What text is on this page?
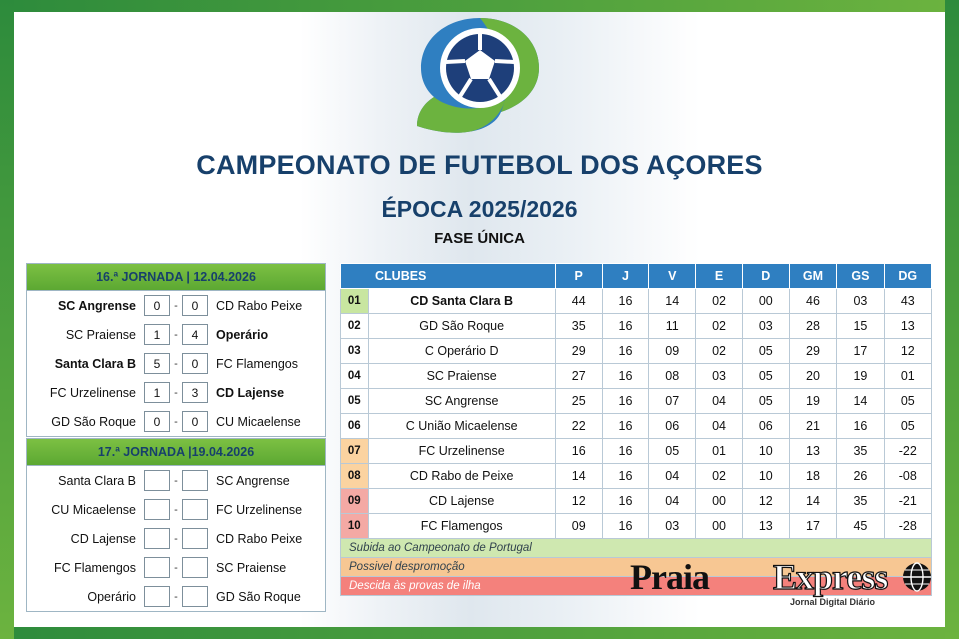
CAMPEONATO DE FUTEBOL DOS AÇORES
ÉPOCA 2025/2026
FASE ÚNICA
16.ª JORNADA | 12.04.2026
SC Angrense	0	-	0	CD Rabo Peixe
SC Praiense	1	-	4	Operário
Santa Clara B	5	-	0	FC Flamengos
FC Urzelinense	1	-	3	CD Lajense
GD São Roque	0	-	0	CU Micaelense
17.ª JORNADA |19.04.2026
Santa Clara B	-	SC Angrense
CU Micaelense	-	FC Urzelinense
CD Lajense	-	CD Rabo Peixe
FC Flamengos	-	SC Praiense
Operário	-	GD São Roque
CLUBES		P	J	V	E	D	GM	GS	DG
01	CD Santa Clara B	44	16	14	02	00	46	03	43
02	GD São Roque	35	16	11	02	03	28	15	13
03	C Operário D	29	16	09	02	05	29	17	12
04	SC Praiense	27	16	08	03	05	20	19	01
05	SC Angrense	25	16	07	04	05	19	14	05
06	C União Micaelense	22	16	06	04	06	21	16	05
07	FC Urzelinense	16	16	05	01	10	13	35	-22
08	CD Rabo de Peixe	14	16	04	02	10	18	26	-08
09	CD Lajense	12	16	04	00	12	14	35	-21
10	FC Flamengos	09	16	03	00	13	17	45	-28
Subida ao Campeonato de Portugal
Possivel despromoção
Descida às provas de ilha	Praia Express
Jornal Digital Diário
